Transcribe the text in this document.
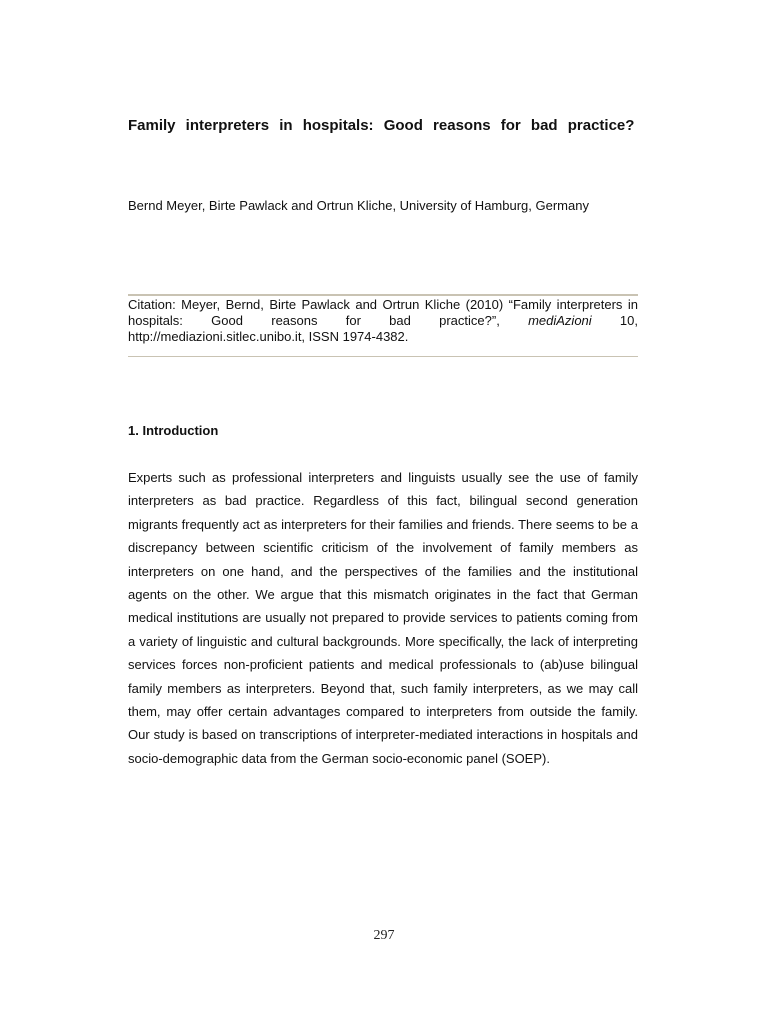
Family interpreters in hospitals: Good reasons for bad practice?
Bernd Meyer, Birte Pawlack and Ortrun Kliche, University of Hamburg, Germany
Citation: Meyer, Bernd, Birte Pawlack and Ortrun Kliche (2010) “Family interpreters in hospitals: Good reasons for bad practice?”, mediAzioni 10, http://mediazioni.sitlec.unibo.it, ISSN 1974-4382.
1. Introduction
Experts such as professional interpreters and linguists usually see the use of family interpreters as bad practice. Regardless of this fact, bilingual second generation migrants frequently act as interpreters for their families and friends. There seems to be a discrepancy between scientific criticism of the involvement of family members as interpreters on one hand, and the perspectives of the families and the institutional agents on the other. We argue that this mismatch originates in the fact that German medical institutions are usually not prepared to provide services to patients coming from a variety of linguistic and cultural backgrounds. More specifically, the lack of interpreting services forces non-proficient patients and medical professionals to (ab)use bilingual family members as interpreters. Beyond that, such family interpreters, as we may call them, may offer certain advantages compared to interpreters from outside the family. Our study is based on transcriptions of interpreter-mediated interactions in hospitals and socio-demographic data from the German socio-economic panel (SOEP).
297
